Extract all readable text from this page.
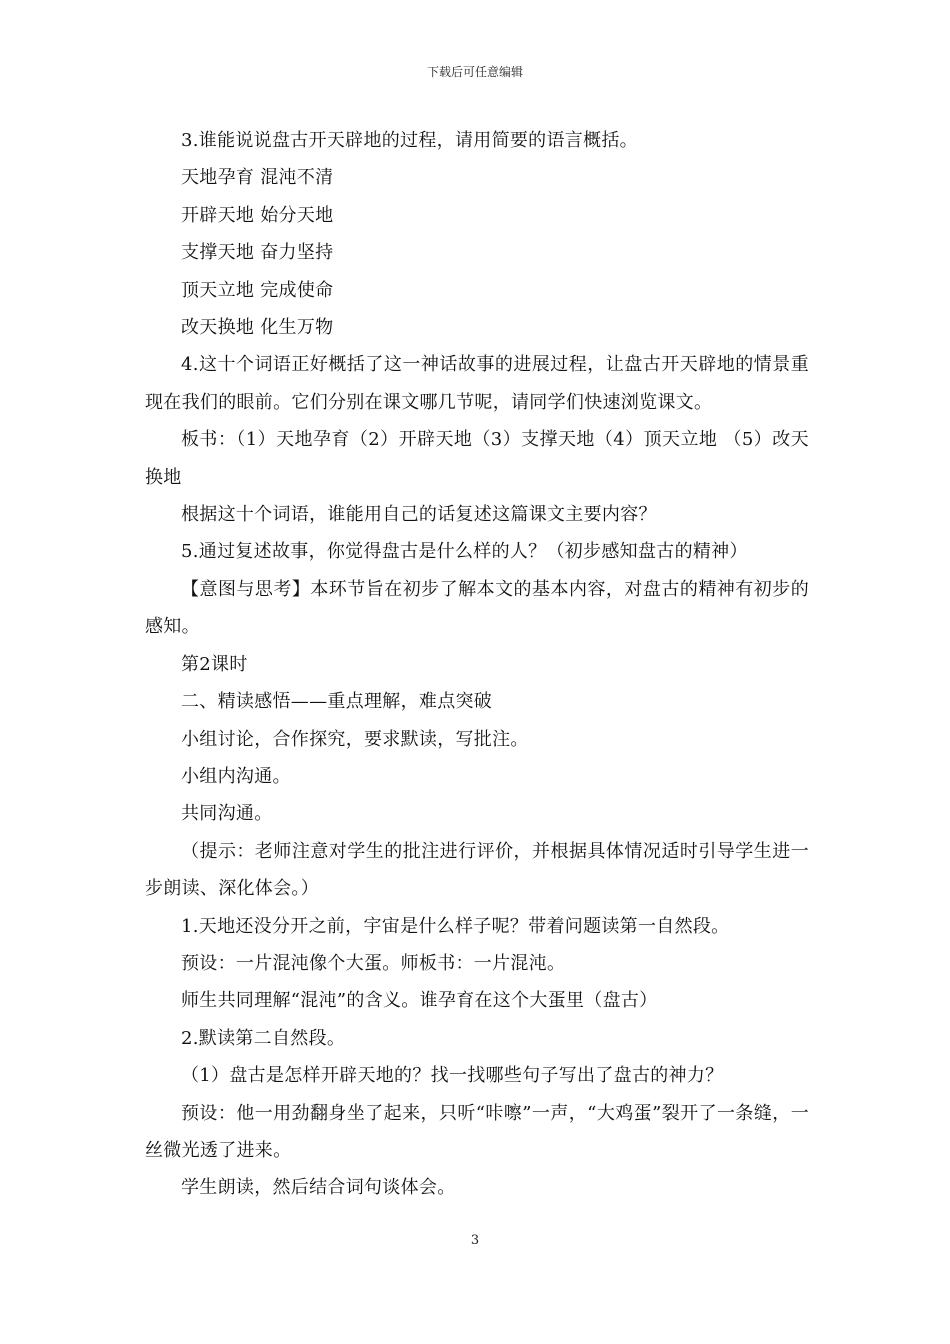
下载后可任意编辑

3.谁能说说盘古开天辟地的过程，请用简要的语言概括。

天地孕育 混沌不清

开辟天地 始分天地

支撑天地 奋力坚持

顶天立地 完成使命

改天换地 化生万物

4.这十个词语正好概括了这一神话故事的进展过程，让盘古开天辟地的情景重现在我们的眼前。它们分别在课文哪几节呢，请同学们快速浏览课文。

板书：（1）天地孕育（2）开辟天地（3）支撑天地（4）顶天立地 （5）改天换地

根据这十个词语，谁能用自己的话复述这篇课文主要内容？

5.通过复述故事，你觉得盘古是什么样的人？（初步感知盘古的精神）

【意图与思考】本环节旨在初步了解本文的基本内容，对盘古的精神有初步的感知。

第2课时

二、精读感悟——重点理解，难点突破

小组讨论，合作探究，要求默读，写批注。

小组内沟通。

共同沟通。

（提示：老师注意对学生的批注进行评价，并根据具体情况适时引导学生进一步朗读、深化体会。）

1.天地还没分开之前，宇宙是什么样子呢？带着问题读第一自然段。

预设：一片混沌像个大蛋。师板书：一片混沌。

师生共同理解“混沌”的含义。谁孕育在这个大蛋里（盘古）

2.默读第二自然段。

（1）盘古是怎样开辟天地的？找一找哪些句子写出了盘古的神力？

预设：他一用劲翻身坐了起来，只听“咔嚓”一声，“大鸡蛋”裂开了一条缝，一丝微光透了进来。

学生朗读，然后结合词句谈体会。

3
